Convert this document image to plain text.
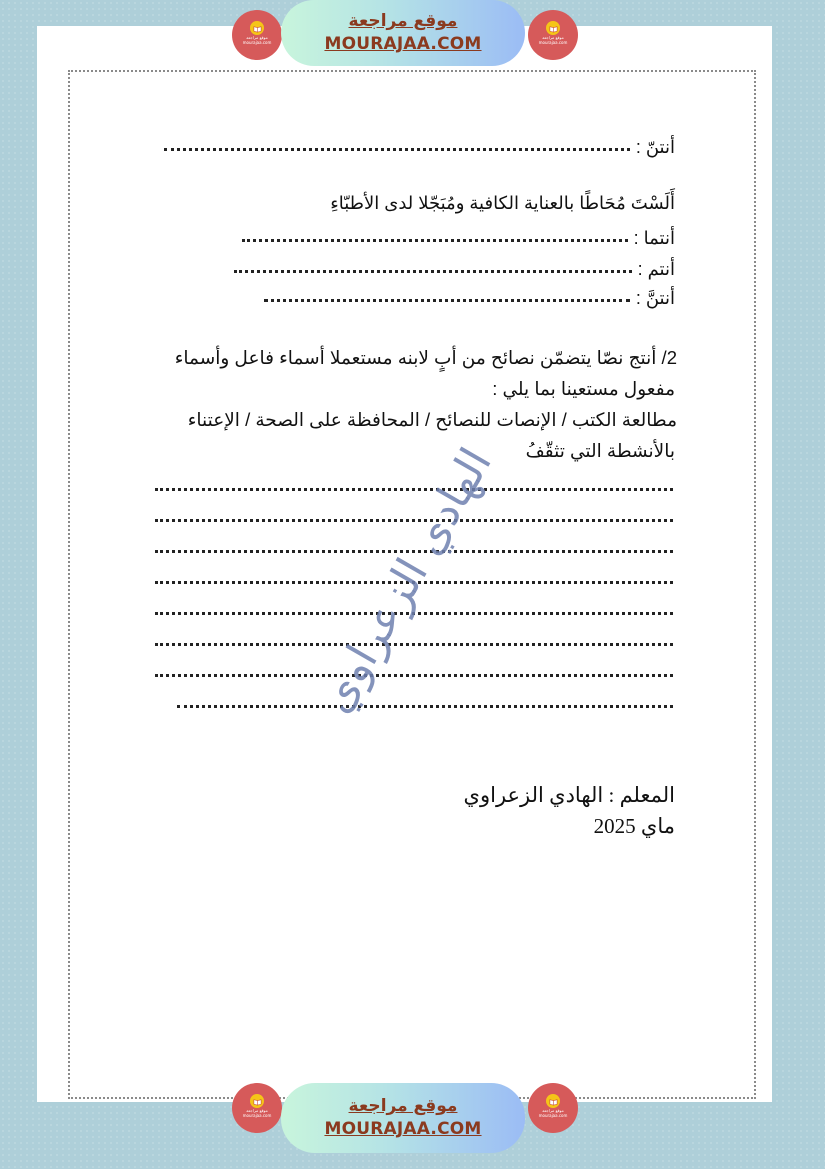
موقع مراجعة
mourajaa.com
موقع مراجعة
MOURAJAA.COM	موقع مراجعة
mourajaa.com
أنتنّ :
أَلَسْتَ مُحَاطًا بالعناية الكافية ومُبَجّلا لدى الأطبّاءِ
أنتما :
أنتم :
أنتنَّ :
2/ أنتج نصّا يتضمّن نصائح من أبٍ لابنه مستعملا أسماء فاعل وأسماء
مفعول مستعينا بما يلي :
مطالعة الكتب / الإنصات للنصائح / المحافظة على الصحة / الإعتناء
بالأنشطة التي تثقّفُ
الهادي الزعراوي
المعلم : الهادي الزعراوي
ماي 2025
موقع مراجعة
mourajaa.com	موقع مراجعة
MOURAJAA.COM
موقع مراجعة
mourajaa.com
